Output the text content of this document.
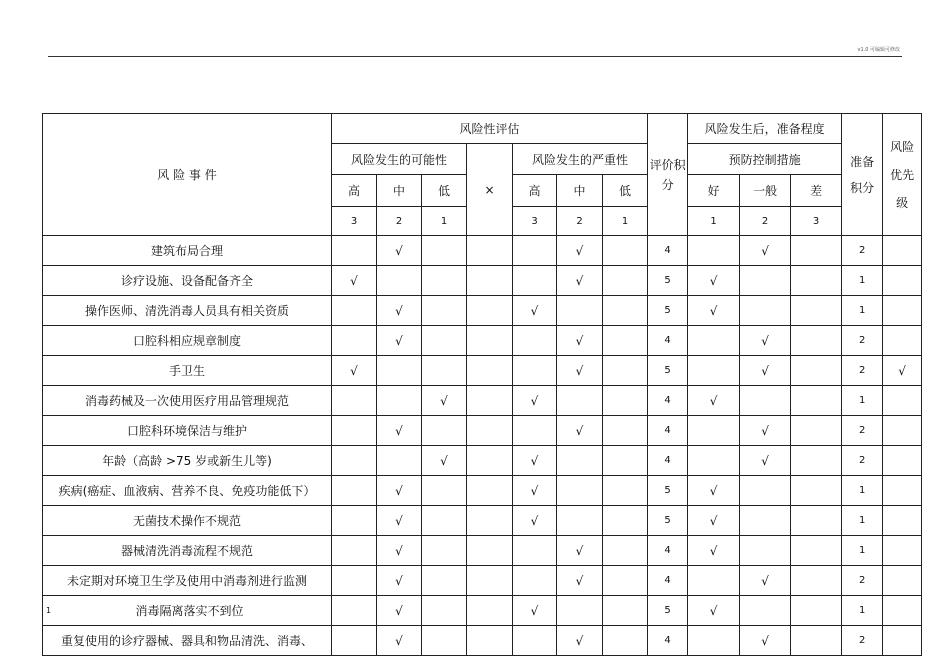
v1.0 可编辑可修改
风 险 事 件	风险性评估							评价积分	风险发生后，准备程度			准备积分	风险优先级
	风险发生的可能性			×	风险发生的严重性				预防控制措施				
	高	中	低		高	中	低		好	一般	差		
	3	2	1		3	2	1		1	2	3		
建筑布局合理		√				√		4		√		2	
诊疗设施、设备配备齐全	√					√		5	√			1	
操作医师、清洗消毒人员具有相关资质		√			√			5	√			1	
口腔科相应规章制度		√				√		4		√		2	
手卫生	√					√		5		√		2	√
消毒药械及一次使用医疗用品管理规范			√		√			4	√			1	
口腔科环境保洁与维护		√				√		4		√		2	
年龄（高龄 >75 岁或新生儿等)			√		√			4		√		2	
疾病(癌症、血液病、营养不良、免疫功能低下）		√			√			5	√			1	
无菌技术操作不规范		√			√			5	√			1	
器械清洗消毒流程不规范		√				√		4	√			1	
未定期对环境卫生学及使用中消毒剂进行监测		√				√		4		√		2	

1 消毒隔离落实不到位		√			√			5	√			1	
重复使用的诊疗器械、器具和物品清洗、消毒、		√				√		4		√		2	
